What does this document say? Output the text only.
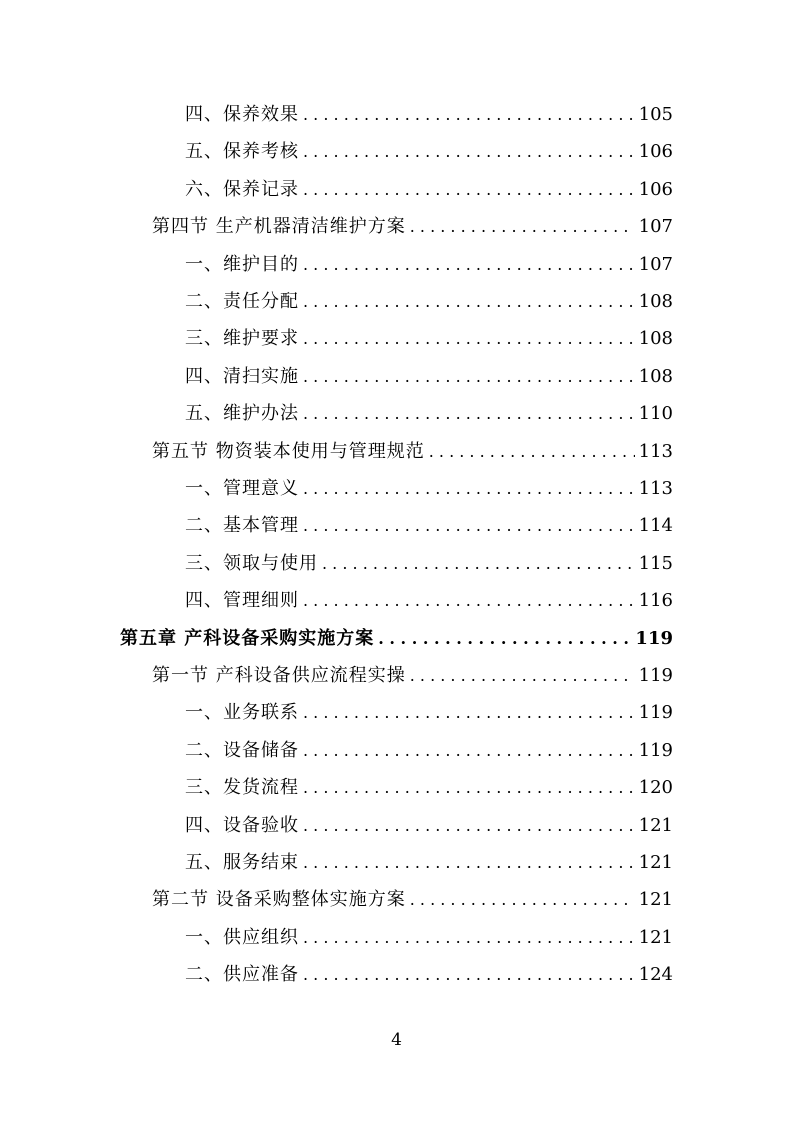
四、保养效果 . . .	105
五、保养考核 . . .	106
六、保养记录 . . .	106
第四节 生产机器清洁维护方案 . . .	107
一、维护目的 . . .	107
二、责任分配 . . .	108
三、维护要求 . . .	108
四、清扫实施 . . .	108
五、维护办法 . . .	110
第五节 物资装本使用与管理规范 . . .	113
一、管理意义 . . .	113
二、基本管理 . . .	114
三、领取与使用 . . .	115
四、管理细则 . . .	116
第五章 产科设备采购实施方案 . . .	119
第一节 产科设备供应流程实操 . . .	119
一、业务联系 . . .	119
二、设备储备 . . .	119
三、发货流程 . . .	120
四、设备验收 . . .	121
五、服务结束 . . .	121
第二节 设备采购整体实施方案 . . .	121
一、供应组织 . . .	121
二、供应准备 . . .	124
4
